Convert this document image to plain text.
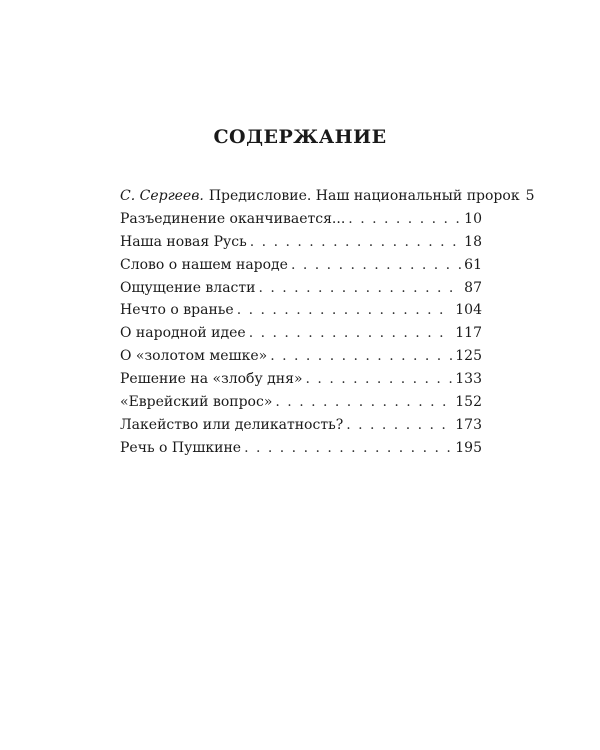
СОДЕРЖАНИЕ
С. Сергеев. Предисловие. Наш национальный пророк 5
Разъединение оканчивается... . . .	10
Наша новая Русь . . .	18
Слово о нашем народе . . .	61
Ощущение власти . . .	87
Нечто о вранье . . .	104
О народной идее . . .	117
О «золотом мешке» . . .	125
Решение на «злобу дня» . . .	133
«Еврейский вопрос» . . .	152
Лакейство или деликатность? . . .	173
Речь о Пушкине . . .	195
